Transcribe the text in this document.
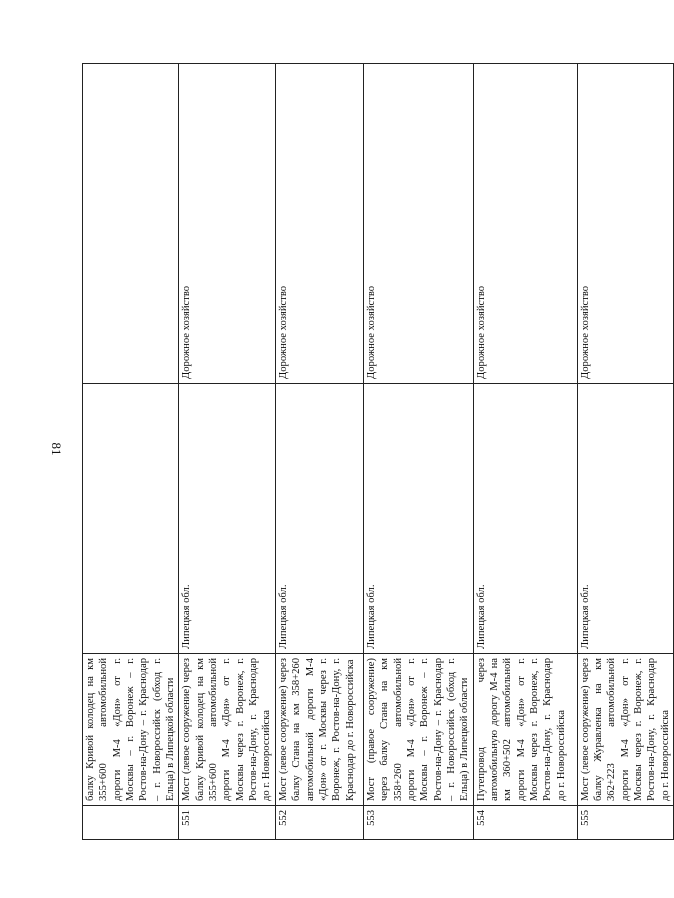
81
	балку Кривой колодец на км 355+600 автомобильной дороги М-4 «Дон» от г. Москвы – г. Воронеж – г. Ростов-на-Дону – г. Краснодар – г. Новороссийск (обход г. Ельца) в Липецкой области		
551	Мост (левое сооружение) через балку Кривой колодец на км 355+600 автомобильной дороги М-4 «Дон» от г. Москвы через г. Воронеж, г. Ростов-на-Дону, г. Краснодар до г. Новороссийска	Липецкая обл.	Дорожное хозяйство
552	Мост (левое сооружение) через балку Стана на км 358+260 автомобильной дороги М-4 «Дон» от г. Москвы через г. Воронеж, г. Ростов-на-Дону, г. Краснодар до г. Новороссийска	Липецкая обл.	Дорожное хозяйство
553	Мост (правое сооружение) через балку Стана на км 358+260 автомобильной дороги М-4 «Дон» от г. Москвы – г. Воронеж – г. Ростов-на-Дону – г. Краснодар – г. Новороссийск (обход г. Ельца) в Липецкой области	Липецкая обл.	Дорожное хозяйство
554	Путепровод через автомобильную дорогу М-4 на км 360+502 автомобильной дороги М-4 «Дон» от г. Москвы через г. Воронеж, г. Ростов-на-Дону, г. Краснодар до г. Новороссийска	Липецкая обл.	Дорожное хозяйство
555	Мост (левое сооружение) через балку Журавленка на км 362+223 автомобильной дороги М-4 «Дон» от г. Москвы через г. Воронеж, г. Ростов-на-Дону, г. Краснодар до г. Новороссийска	Липецкая обл.	Дорожное хозяйство
